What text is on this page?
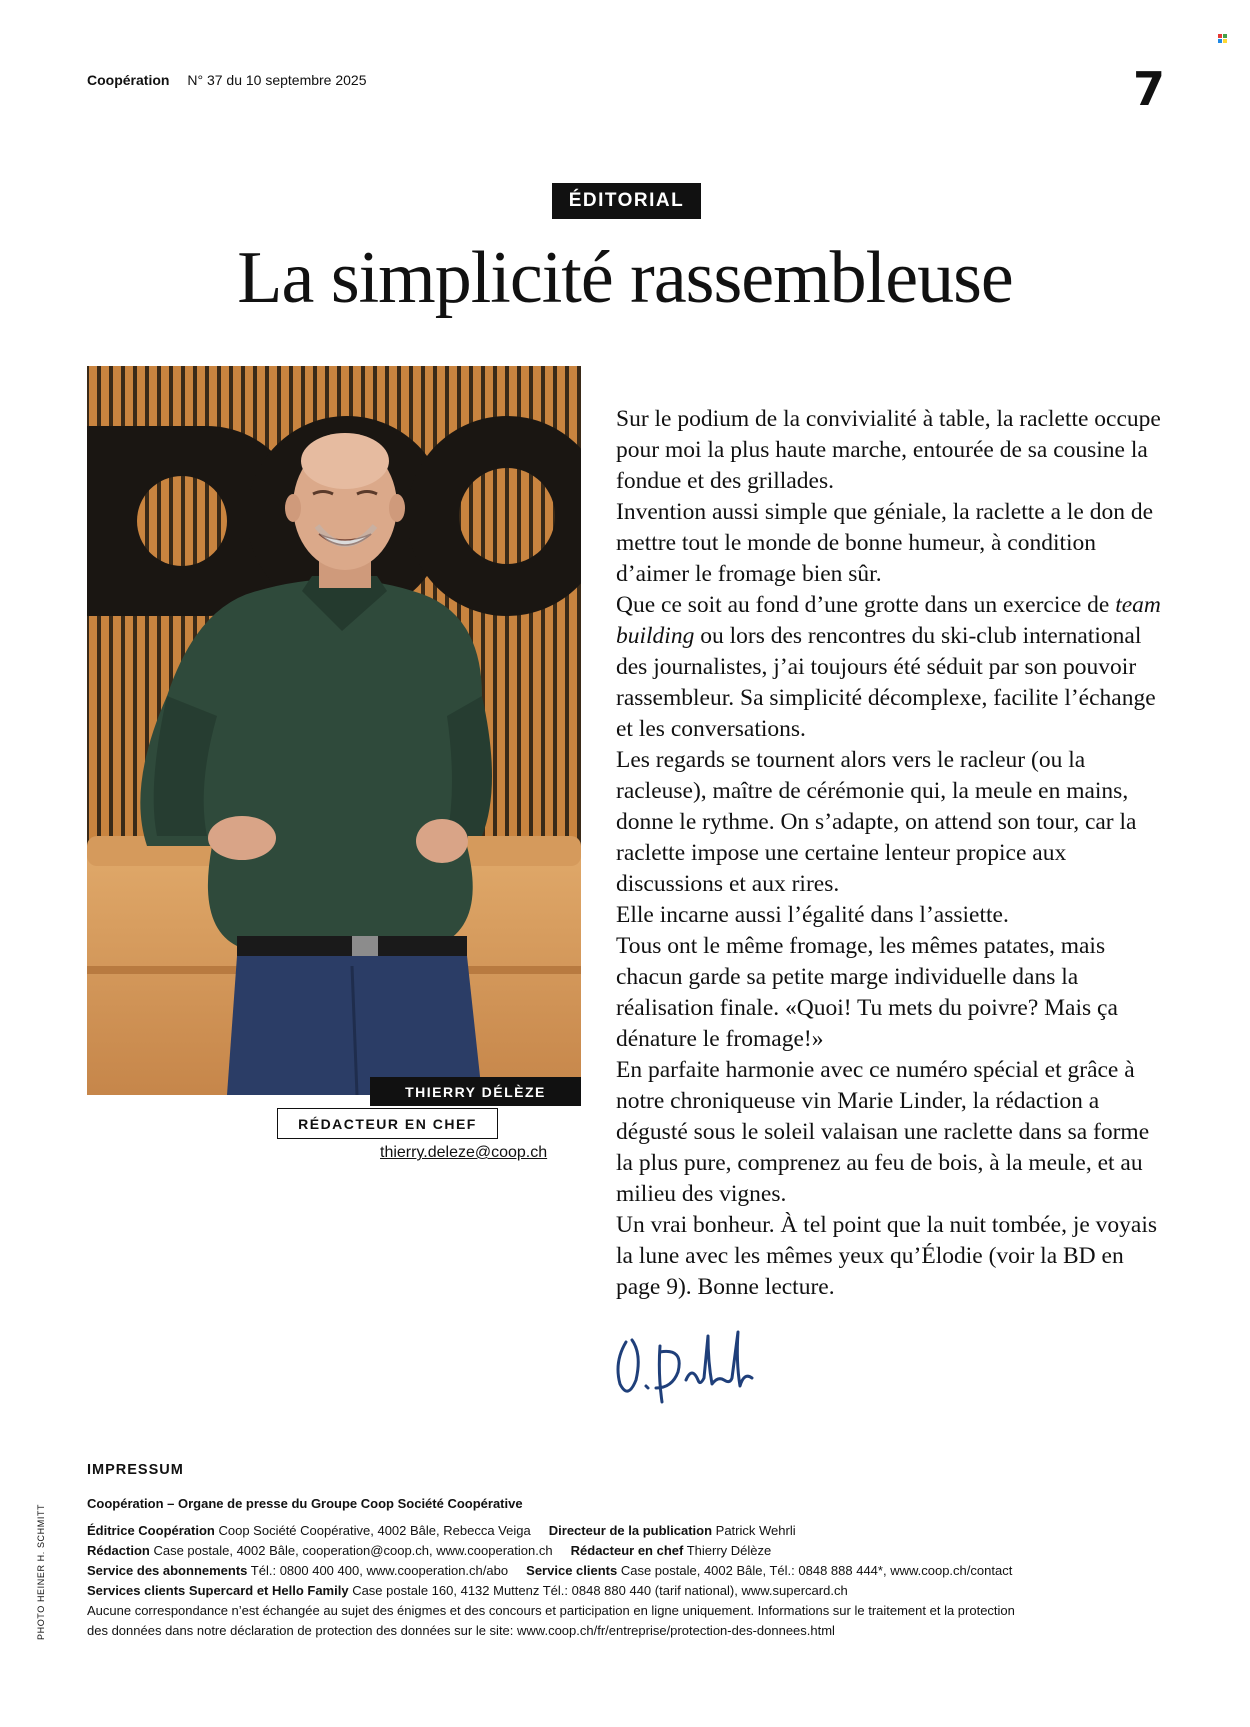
Coopération N° 37 du 10 septembre 2025	7
ÉDITORIAL
La simplicité rassembleuse
THIERRY DÉLÈZE
RÉDACTEUR EN CHEF
thierry.deleze@coop.ch

Sur le podium de la convivialité à table, la raclette occupe pour moi la plus haute marche, entourée de sa cousine la fondue et des grillades.

Invention aussi simple que géniale, la raclette a le don de mettre tout le monde de bonne humeur, à condition d’aimer le fromage bien sûr.

Que ce soit au fond d’une grotte dans un exercice de team building ou lors des rencontres du ski-club international des journalistes, j’ai toujours été séduit par son pouvoir rassembleur. Sa simplicité décomplexe, facilite l’échange et les conversations.

Les regards se tournent alors vers le racleur (ou la racleuse), maître de cérémonie qui, la meule en mains, donne le rythme. On s’adapte, on attend son tour, car la raclette impose une certaine lenteur propice aux discussions et aux rires.

Elle incarne aussi l’égalité dans l’assiette.

Tous ont le même fromage, les mêmes patates, mais chacun garde sa petite marge individuelle dans la réalisation finale. «Quoi! Tu mets du poivre? Mais ça dénature le fromage!»

En parfaite harmonie avec ce numéro spécial et grâce à notre chroniqueuse vin Marie Linder, la rédaction a dégusté sous le soleil valaisan une raclette dans sa forme la plus pure, comprenez au feu de bois, à la meule, et au milieu des vignes.

Un vrai bonheur. À tel point que la nuit tombée, je voyais la lune avec les mêmes yeux qu’Élodie (voir la BD en page 9). Bonne lecture.

PHOTO HEINER H. SCHMITT
IMPRESSUM
Coopération – Organe de presse du Groupe Coop Société Coopérative
Éditrice Coopération Coop Société Coopérative, 4002 Bâle, Rebecca Veiga Directeur de la publication Patrick Wehrli
Rédaction Case postale, 4002 Bâle, cooperation@coop.ch, www.cooperation.ch Rédacteur en chef Thierry Délèze
Service des abonnements Tél.: 0800 400 400, www.cooperation.ch/abo Service clients Case postale, 4002 Bâle, Tél.: 0848 888 444*, www.coop.ch/contact
Services clients Supercard et Hello Family Case postale 160, 4132 Muttenz Tél.: 0848 880 440 (tarif national), www.supercard.ch
Aucune correspondance n’est échangée au sujet des énigmes et des concours et participation en ligne uniquement. Informations sur le traitement et la protection
des données dans notre déclaration de protection des données sur le site: www.coop.ch/fr/entreprise/protection-des-donnees.html
